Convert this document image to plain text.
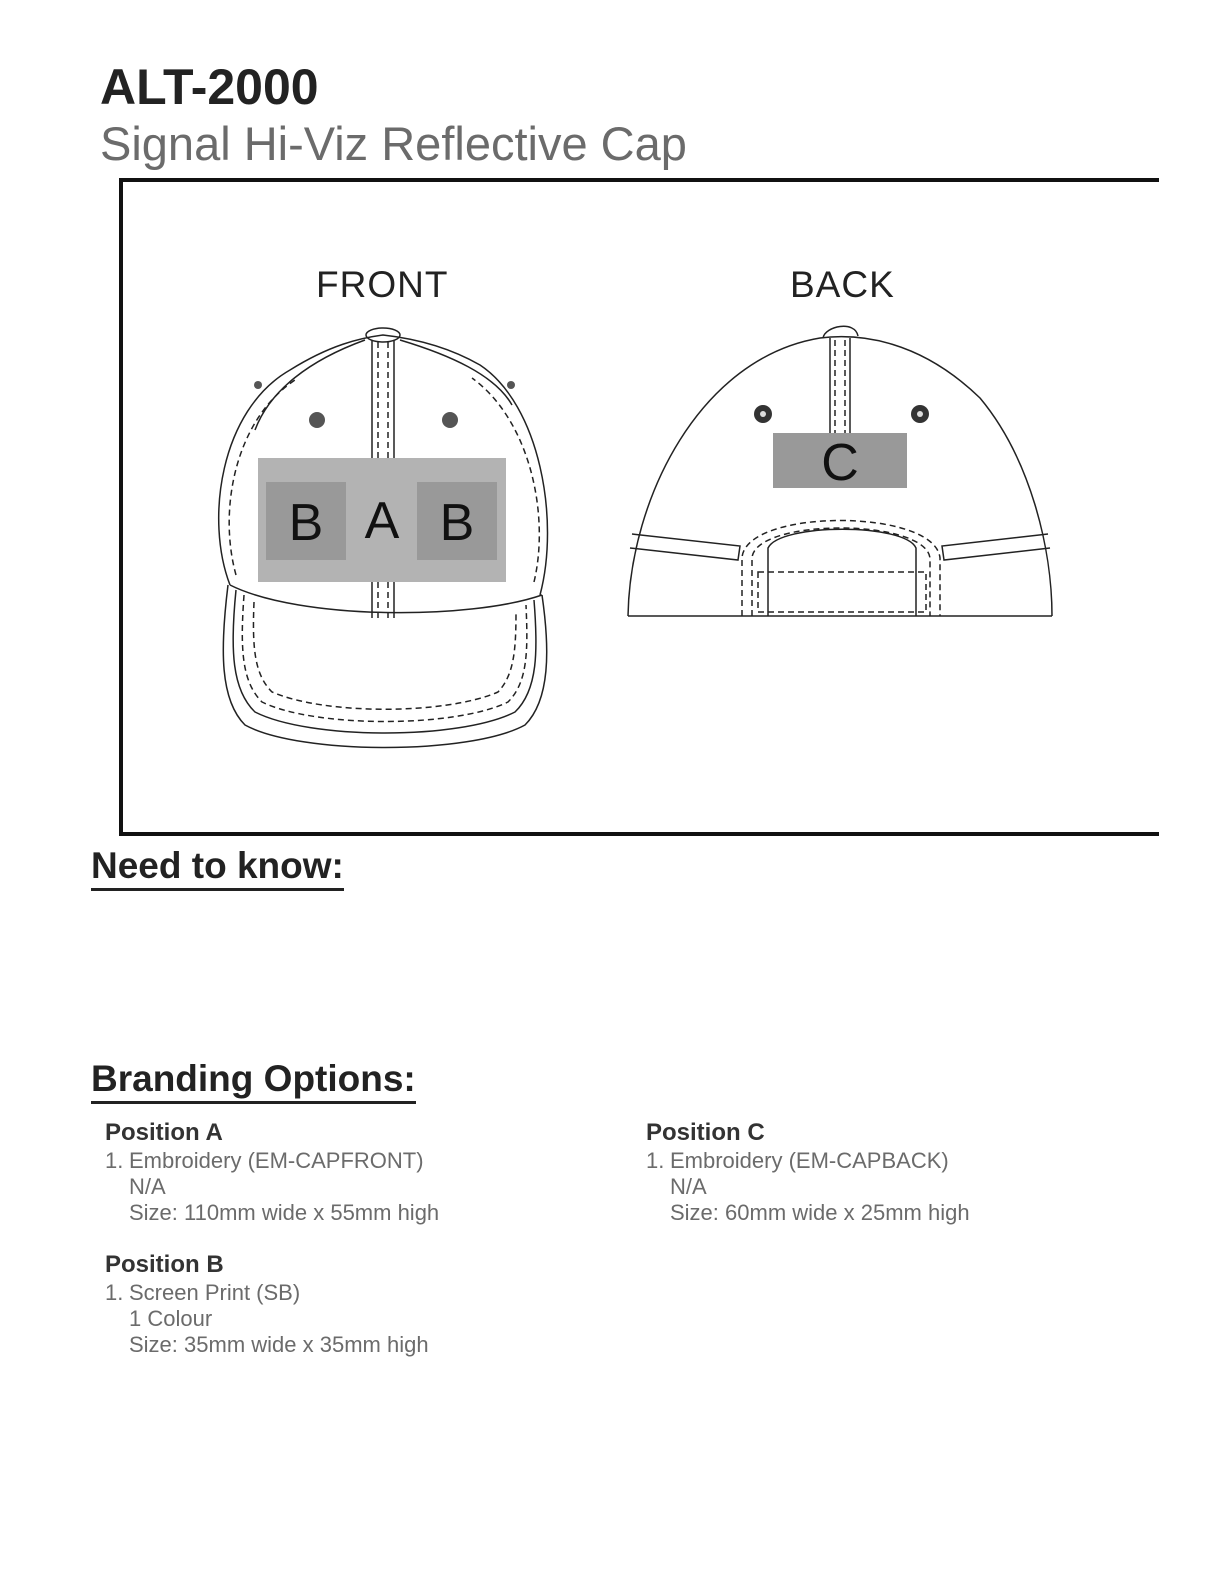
ALT-2000
Signal Hi-Viz Reflective Cap
FRONT	BACK
B A B
C
Need to know:
Branding Options:
Position A
1. Embroidery (EM-CAPFRONT)
N/A
Size: 110mm wide x 55mm high
Position B
1. Screen Print (SB)
1 Colour
Size: 35mm wide x 35mm high
Position C
1. Embroidery (EM-CAPBACK)
N/A
Size: 60mm wide x 25mm high
